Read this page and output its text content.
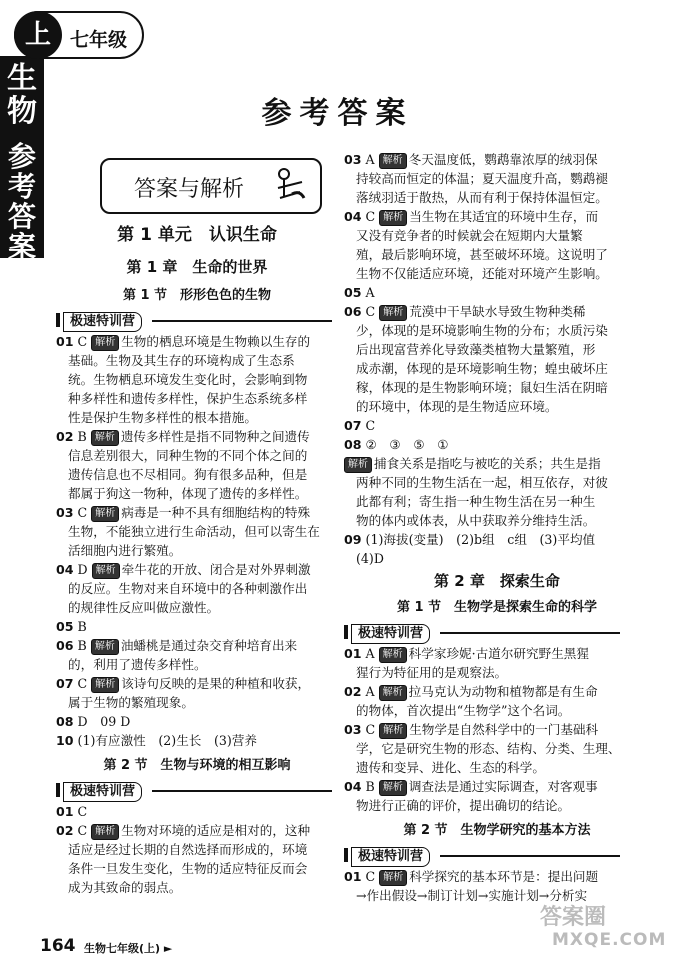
生
物
参
考
答
案
上	七年级
参考答案
答案与解析
第 1 单元　认识生命
第 1 章　生命的世界
第 1 节　形形色色的生物
极速特训营
01 C 解析 生物的栖息环境是生物赖以生存的
基础。生物及其生存的环境构成了生态系
统。生物栖息环境发生变化时，会影响到物
种多样性和遗传多样性，保护生态系统多样
性是保护生物多样性的根本措施。
02 B 解析 遗传多样性是指不同物种之间遗传
信息差别很大，同种生物的不同个体之间的
遗传信息也不尽相同。狗有很多品种，但是
都属于狗这一物种，体现了遗传的多样性。
03 C 解析 病毒是一种不具有细胞结构的特殊
生物，不能独立进行生命活动，但可以寄生在
活细胞内进行繁殖。
04 D 解析 牵牛花的开放、闭合是对外界刺激
的反应。生物对来自环境中的各种刺激作出
的规律性反应叫做应激性。
05 B
06 B 解析 油蟠桃是通过杂交育种培育出来
的，利用了遗传多样性。
07 C 解析 该诗句反映的是果的种植和收获，
属于生物的繁殖现象。
08 D　09 D
10 (1)有应激性　(2)生长　(3)营养
第 2 节　生物与环境的相互影响
极速特训营
01 C
02 C 解析 生物对环境的适应是相对的，这种
适应是经过长期的自然选择而形成的，环境
条件一旦发生变化，生物的适应特征反而会
成为其致命的弱点。
03 A 解析 冬天温度低，鹦鹉靠浓厚的绒羽保
持较高而恒定的体温；夏天温度升高，鹦鹉褪
落绒羽适于散热，从而有利于保持体温恒定。
04 C 解析 当生物在其适宜的环境中生存，而
又没有竞争者的时候就会在短期内大量繁
殖，最后影响环境，甚至破坏环境。这说明了
生物不仅能适应环境，还能对环境产生影响。
05 A
06 C 解析 荒漠中干旱缺水导致生物种类稀
少，体现的是环境影响生物的分布；水质污染
后出现富营养化导致藻类植物大量繁殖，形
成赤潮，体现的是环境影响生物；蝗虫破坏庄
稼，体现的是生物影响环境；鼠妇生活在阴暗
的环境中，体现的是生物适应环境。
07 C
08 ②　③　⑤　①
解析 捕食关系是指吃与被吃的关系；共生是指
两种不同的生物生活在一起，相互依存，对彼
此都有利；寄生指一种生物生活在另一种生
物的体内或体表，从中获取养分维持生活。
09 (1)海拔(变量)　(2)b组　c组　(3)平均值
(4)D
第 2 章　探索生命
第 1 节　生物学是探索生命的科学
极速特训营
01 A 解析 科学家珍妮·古道尔研究野生黑猩
猩行为特征用的是观察法。
02 A 解析 拉马克认为动物和植物都是有生命
的物体，首次提出“生物学”这个名词。
03 C 解析 生物学是自然科学中的一门基础科
学，它是研究生物的形态、结构、分类、生理、
遗传和变异、进化、生态的科学。
04 B 解析 调查法是通过实际调查，对客观事
物进行正确的评价，提出确切的结论。
第 2 节　生物学研究的基本方法
极速特训营
01 C 解析 科学探究的基本环节是：提出问题
→作出假设→制订计划→实施计划→分析实
164 生物七年级(上) ►
答案圈
MXQE.COM
